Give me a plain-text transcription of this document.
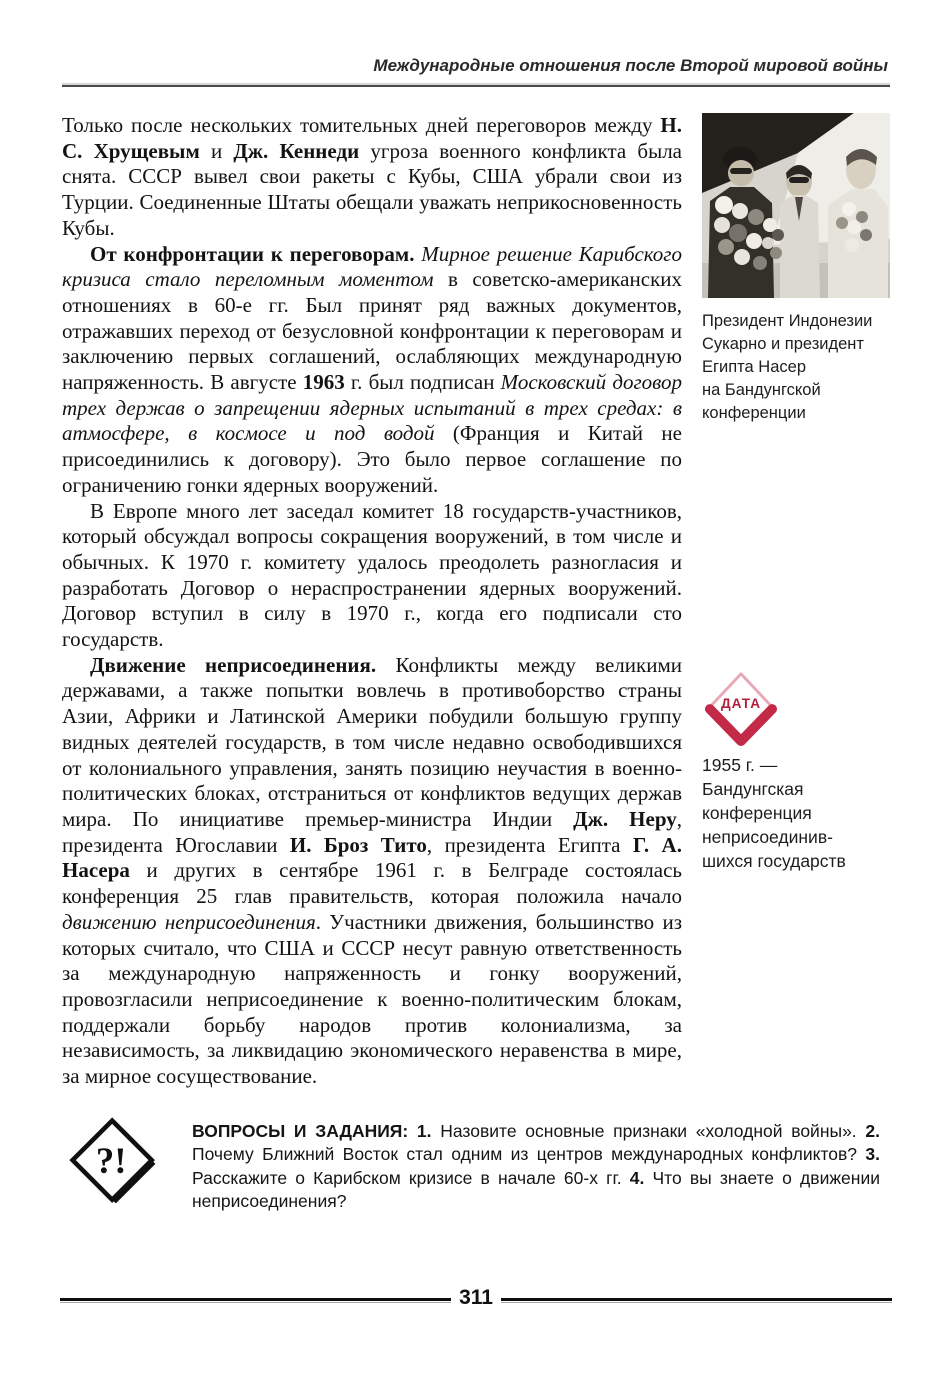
Международные отношения после Второй мировой войны

Только после нескольких томительных дней переговоров между Н. С. Хрущевым и Дж. Кеннеди угроза военного конфликта была снята. СССР вывел свои ракеты с Кубы, США убрали свои из Турции. Соединенные Штаты обещали уважать неприкосновенность Кубы.

От конфронтации к переговорам. Мирное решение Карибского кризиса стало переломным моментом в советско-американских отношениях в 60-е гг. Был принят ряд важных документов, отражавших переход от безусловной конфронтации к переговорам и заключению первых соглашений, ослабляющих международную напряженность. В августе 1963 г. был подписан Московский договор трех держав о запрещении ядерных испытаний в трех средах: в атмосфере, в космосе и под водой (Франция и Китай не присоединились к договору). Это было первое соглашение по ограничению гонки ядерных вооружений.

В Европе много лет заседал комитет 18 государств-участников, который обсуждал вопросы сокращения вооружений, в том числе и обычных. К 1970 г. комитету удалось преодолеть разногласия и разработать Договор о нераспространении ядерных вооружений. Договор вступил в силу в 1970 г., когда его подписали сто государств.

Движение неприсоединения. Конфликты между великими державами, а также попытки вовлечь в противоборство страны Азии, Африки и Латинской Америки побудили большую группу видных деятелей государств, в том числе недавно освободившихся от колониального управления, занять позицию неучастия в военно-политических блоках, отстраниться от конфликтов ведущих держав мира. По инициативе премьер-министра Индии Дж. Неру, президента Югославии И. Броз Тито, президента Египта Г. А. Насера и других в сентябре 1961 г. в Белграде состоялась конференция 25 глав правительств, которая положила начало движению неприсоединения. Участники движения, большинство из которых считало, что США и СССР несут равную ответственность за международную напряженность и гонку вооружений, провозгласили неприсоединение к военно-политическим блокам, поддержали борьбу народов против колониализма, за независимость, за ликвидацию экономического неравенства в мире, за мирное сосуществование.

Президент Индонезии
Сукарно и президент
Египта Насер
на Бандунгской
конференции
ДАТА
1955 г. —
Бандунгская
конференция
неприсоединив-
шихся государств
?!

ВОПРОСЫ И ЗАДАНИЯ: 1. Назовите основные признаки «холодной войны». 2. Почему Ближний Восток стал одним из центров международных конфликтов? 3. Расскажите о Карибском кризисе в начале 60-х гг. 4. Что вы знаете о движении неприсоединения?

311
